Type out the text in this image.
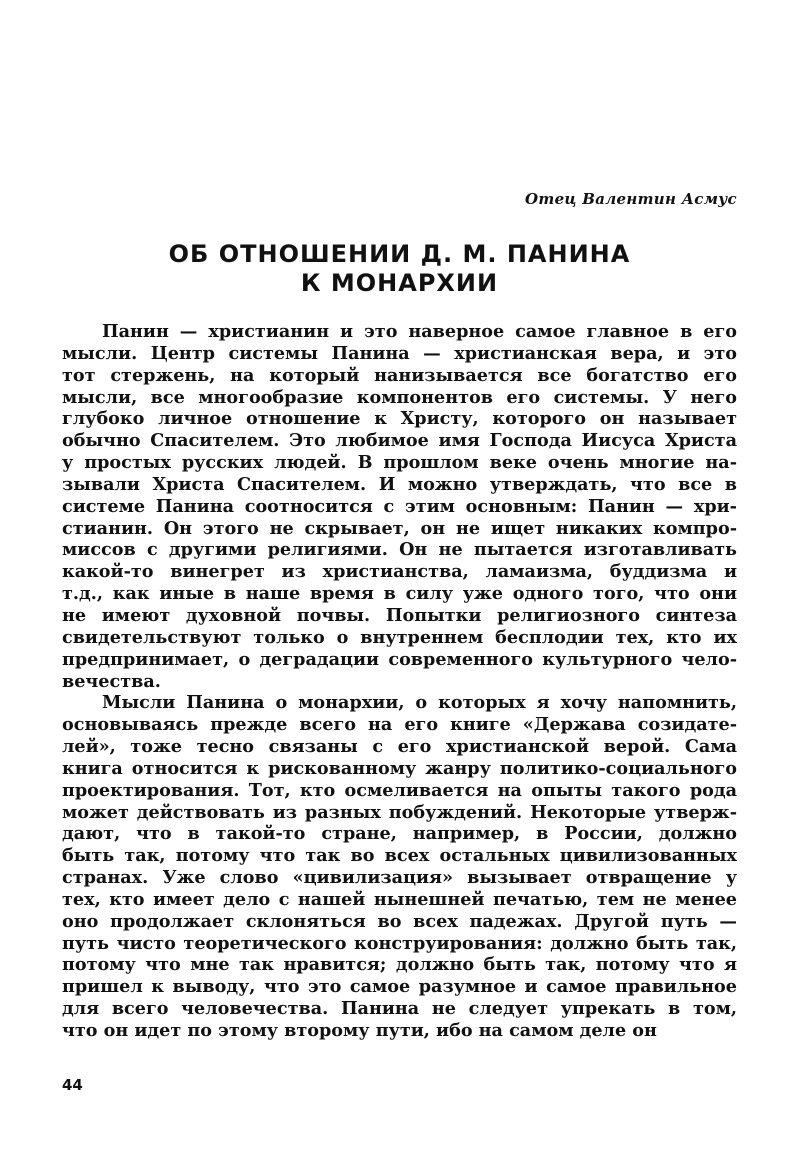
Отец Валентин Асмус
ОБ ОТНОШЕНИИ Д. М. ПАНИНА
К МОНАРХИИ
Панин — христианин и это наверное самое главное в его
мысли. Центр системы Панина — христианская вера, и это
тот стержень, на который нанизывается все богатство его
мысли, все многообразие компонентов его системы. У него
глубоко личное отношение к Христу, которого он называет
обычно Спасителем. Это любимое имя Господа Иисуса Христа
у простых русских людей. В прошлом веке очень многие на-
зывали Христа Спасителем. И можно утверждать, что все в
системе Панина соотносится с этим основным: Панин — хри-
стианин. Он этого не скрывает, он не ищет никаких компро-
миссов с другими религиями. Он не пытается изготавливать
какой-то винегрет из христианства, ламаизма, буддизма и
т.д., как иные в наше время в силу уже одного того, что они
не имеют духовной почвы. Попытки религиозного синтеза
свидетельствуют только о внутреннем бесплодии тех, кто их
предпринимает, о деградации современного культурного чело-
вечества.
Мысли Панина о монархии, о которых я хочу напомнить,
основываясь прежде всего на его книге «Держава созидате-
лей», тоже тесно связаны с его христианской верой. Сама
книга относится к рискованному жанру политико-социального
проектирования. Тот, кто осмеливается на опыты такого рода
может действовать из разных побуждений. Некоторые утверж-
дают, что в такой-то стране, например, в России, должно
быть так, потому что так во всех остальных цивилизованных
странах. Уже слово «цивилизация» вызывает отвращение у
тех, кто имеет дело с нашей нынешней печатью, тем не менее
оно продолжает склоняться во всех падежах. Другой путь —
путь чисто теоретического конструирования: должно быть так,
потому что мне так нравится; должно быть так, потому что я
пришел к выводу, что это самое разумное и самое правильное
для всего человечества. Панина не следует упрекать в том,
что он идет по этому второму пути, ибо на самом деле он
44
